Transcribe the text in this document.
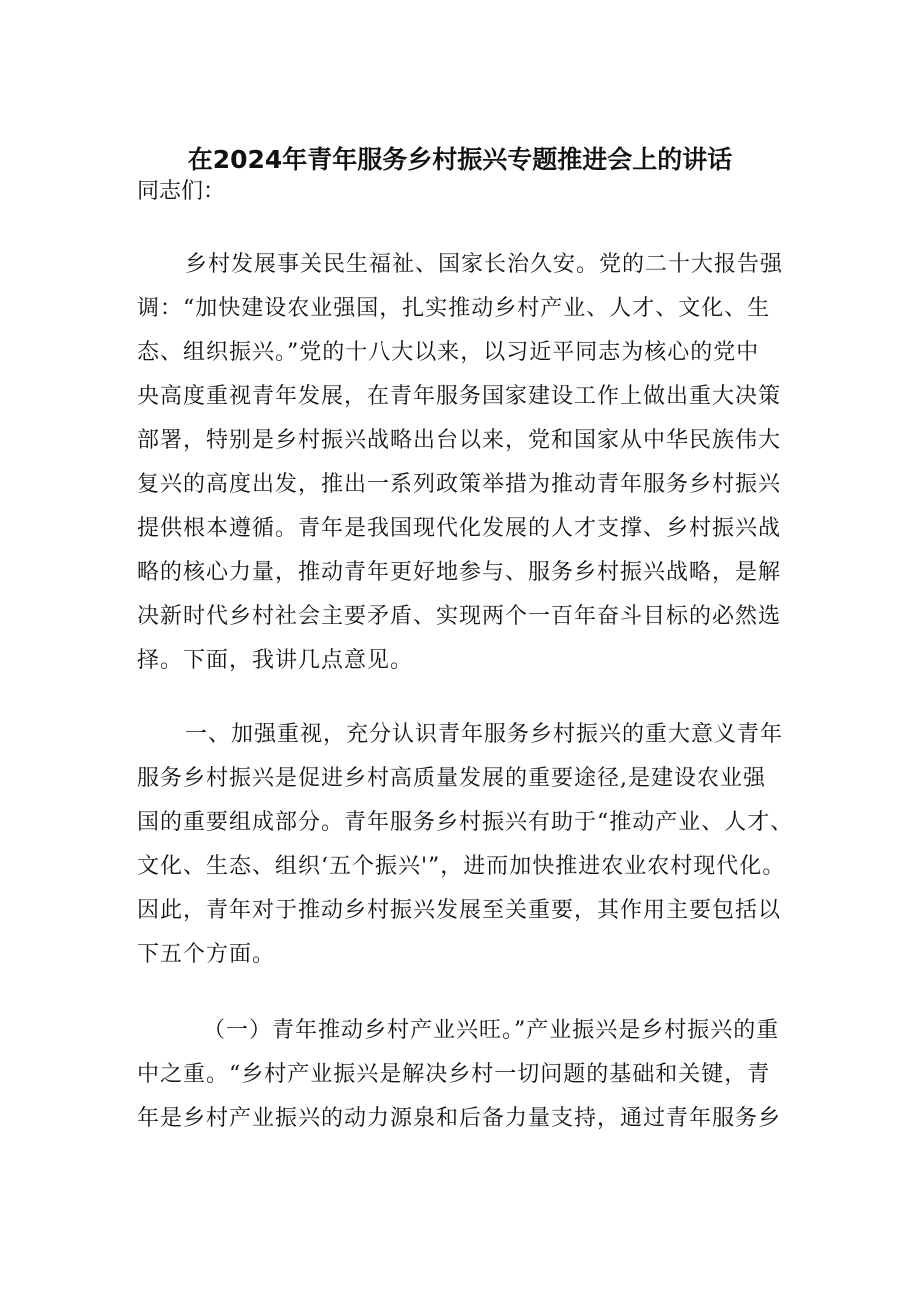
在2024年青年服务乡村振兴专题推进会上的讲话
同志们：
乡村发展事关民生福祉、国家长治久安。党的二十大报告强
调：“加快建设农业强国，扎实推动乡村产业、人才、文化、生
态、组织振兴。”党的十八大以来，以习近平同志为核心的党中
央高度重视青年发展，在青年服务国家建设工作上做出重大决策
部署，特别是乡村振兴战略出台以来，党和国家从中华民族伟大
复兴的高度出发，推出一系列政策举措为推动青年服务乡村振兴
提供根本遵循。青年是我国现代化发展的人才支撑、乡村振兴战
略的核心力量，推动青年更好地参与、服务乡村振兴战略，是解
决新时代乡村社会主要矛盾、实现两个一百年奋斗目标的必然选
择。下面，我讲几点意见。
一、加强重视，充分认识青年服务乡村振兴的重大意义青年
服务乡村振兴是促进乡村高质量发展的重要途径,是建设农业强
国的重要组成部分。青年服务乡村振兴有助于“推动产业、人才、
文化、生态、组织‘五个振兴'”，进而加快推进农业农村现代化。
因此，青年对于推动乡村振兴发展至关重要，其作用主要包括以
下五个方面。
（一）青年推动乡村产业兴旺。”产业振兴是乡村振兴的重
中之重。“乡村产业振兴是解决乡村一切问题的基础和关键，青
年是乡村产业振兴的动力源泉和后备力量支持，通过青年服务乡
